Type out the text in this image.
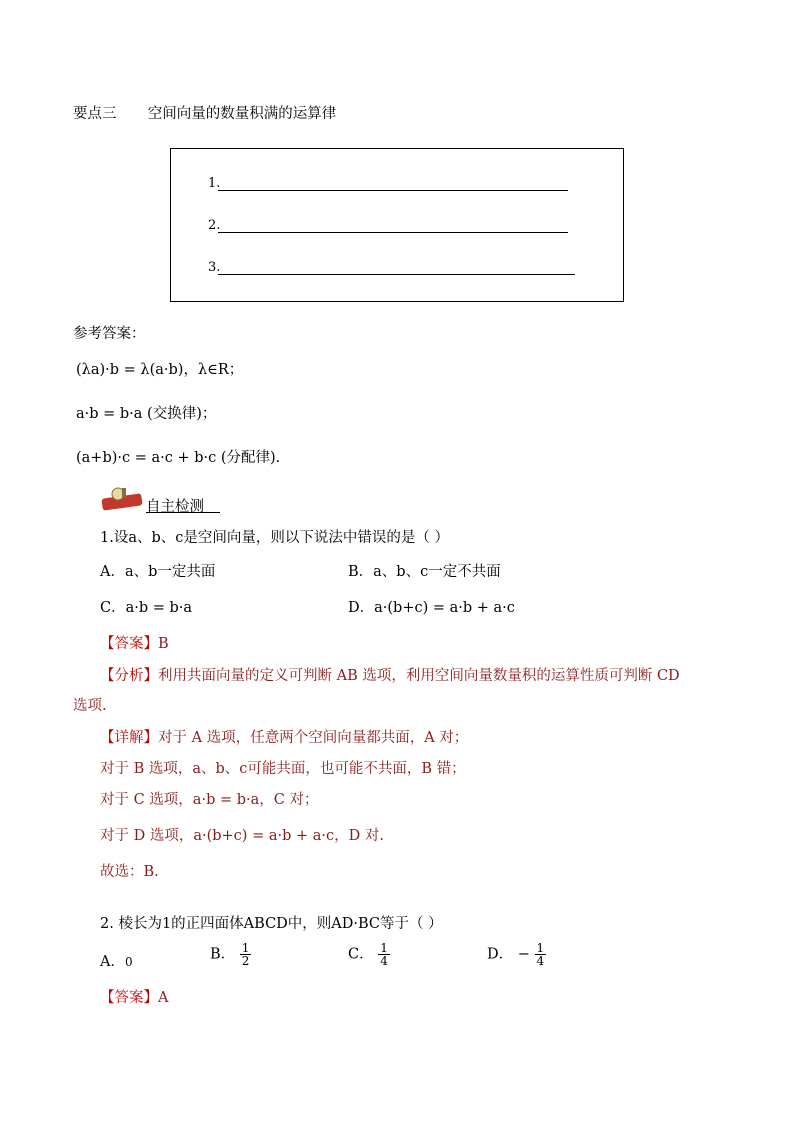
要点三 空间向量的数量积满的运算律
1.
2.
3.
参考答案：
(λa)·b = λ(a·b)，λ∈R；
a·b = b·a (交换律)；
(a+b)·c = a·c + b·c (分配律).
自主检测
1.设a、b、c是空间向量，则以下说法中错误的是（ ）
A．a、b一定共面	B．a、b、c一定不共面
C．a·b = b·a	D．a·(b+c) = a·b + a·c
【答案】B
【分析】利用共面向量的定义可判断 AB 选项，利用空间向量数量积的运算性质可判断 CD
选项.
【详解】对于 A 选项，任意两个空间向量都共面，A 对；
对于 B 选项，a、b、c可能共面，也可能不共面，B 错；
对于 C 选项，a·b = b·a，C 对；
对于 D 选项，a·(b+c) = a·b + a·c，D 对.
故选：B.
2. 棱长为1的正四面体ABCD中，则AD·BC等于（ ）
A．0	B． $\frac{1}{2}$	C． $\frac{1}{4}$	D． − $\frac{1}{4}$
【答案】A
